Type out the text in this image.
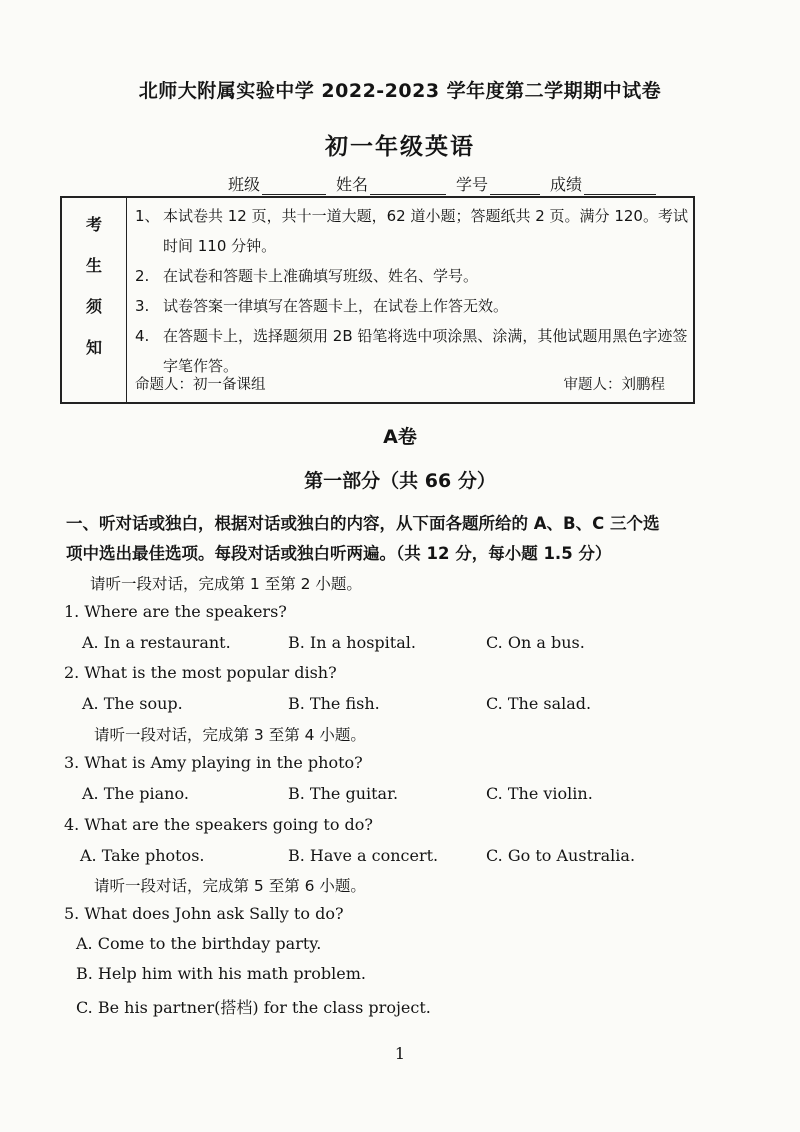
北师大附属实验中学 2022-2023 学年度第二学期期中试卷
初一年级英语
班级	姓名	学号	成绩
考
生
须
知
1、 本试卷共 12 页，共十一道大题，62 道小题；答题纸共 2 页。满分 120。考试时间 110 分钟。
2. 在试卷和答题卡上准确填写班级、姓名、学号。
3. 试卷答案一律填写在答题卡上，在试卷上作答无效。
4. 在答题卡上，选择题须用 2B 铅笔将选中项涂黑、涂满，其他试题用黑色字迹签字笔作答。
命题人：初一备课组	审题人：刘鹏程
A卷
第一部分（共 66 分）
一、听对话或独白，根据对话或独白的内容，从下面各题所给的 A、B、C 三个选
项中选出最佳选项。每段对话或独白听两遍。（共 12 分，每小题 1.5 分）
请听一段对话，完成第 1 至第 2 小题。
1. Where are the speakers?
A. In a restaurant.	B. In a hospital.	C. On a bus.
2. What is the most popular dish?
A. The soup.	B. The fish.	C. The salad.
请听一段对话，完成第 3 至第 4 小题。
3. What is Amy playing in the photo?
A. The piano.	B. The guitar.	C. The violin.
4. What are the speakers going to do?
A. Take photos.	B. Have a concert.	C. Go to Australia.
请听一段对话，完成第 5 至第 6 小题。
5. What does John ask Sally to do?
A. Come to the birthday party.
B. Help him with his math problem.
C. Be his partner(搭档) for the class project.
1
